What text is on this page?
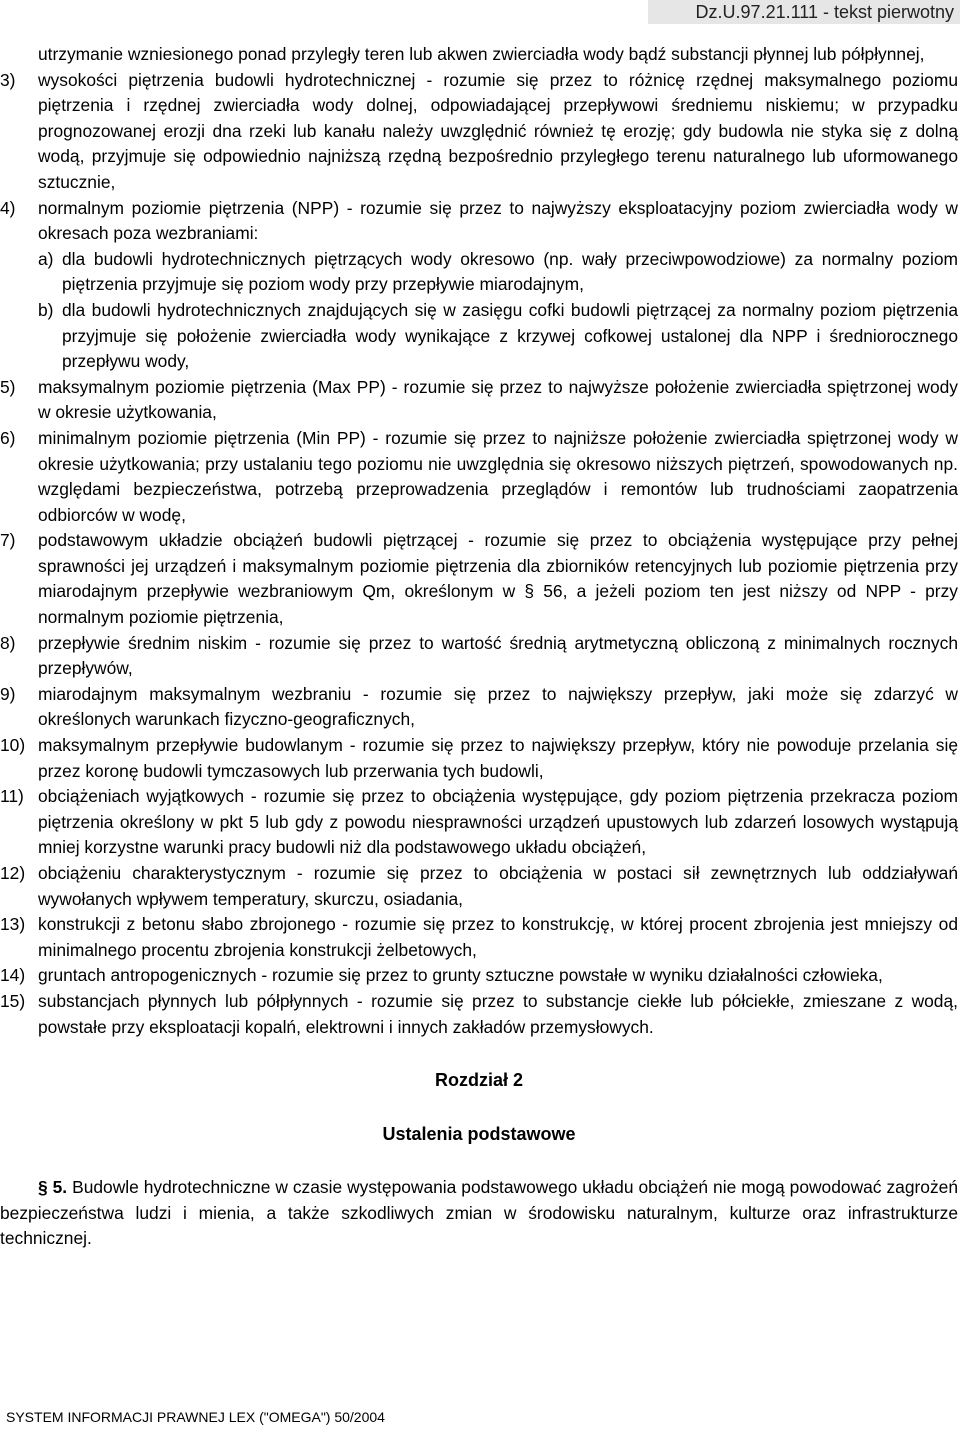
Dz.U.97.21.111 - tekst pierwotny

utrzymanie wzniesionego ponad przyległy teren lub akwen zwierciadła wody bądź substancji płynnej lub półpłynnej,

3)	wysokości piętrzenia budowli hydrotechnicznej - rozumie się przez to różnicę rzędnej maksymalnego poziomu piętrzenia i rzędnej zwierciadła wody dolnej, odpowiadającej przepływowi średniemu niskiemu; w przypadku prognozowanej erozji dna rzeki lub kanału należy uwzględnić również tę erozję; gdy budowla nie styka się z dolną wodą, przyjmuje się odpowiednio najniższą rzędną bezpośrednio przyległego terenu naturalnego lub uformowanego sztucznie,
4)	normalnym poziomie piętrzenia (NPP) - rozumie się przez to najwyższy eksploatacyjny poziom zwierciadła wody w okresach poza wezbraniami:
a) dla budowli hydrotechnicznych piętrzących wody okresowo (np. wały przeciwpowodziowe) za normalny poziom piętrzenia przyjmuje się poziom wody przy przepływie miarodajnym,
b) dla budowli hydrotechnicznych znajdujących się w zasięgu cofki budowli piętrzącej za normalny poziom piętrzenia przyjmuje się położenie zwierciadła wody wynikające z krzywej cofkowej ustalonej dla NPP i średniorocznego przepływu wody,
5)	maksymalnym poziomie piętrzenia (Max PP) - rozumie się przez to najwyższe położenie zwierciadła spiętrzonej wody w okresie użytkowania,
6)	minimalnym poziomie piętrzenia (Min PP) - rozumie się przez to najniższe położenie zwierciadła spiętrzonej wody w okresie użytkowania; przy ustalaniu tego poziomu nie uwzględnia się okresowo niższych piętrzeń, spowodowanych np. względami bezpieczeństwa, potrzebą przeprowadzenia przeglądów i remontów lub trudnościami zaopatrzenia odbiorców w wodę,
7)	podstawowym układzie obciążeń budowli piętrzącej - rozumie się przez to obciążenia występujące przy pełnej sprawności jej urządzeń i maksymalnym poziomie piętrzenia dla zbiorników retencyjnych lub poziomie piętrzenia przy miarodajnym przepływie wezbraniowym Qm, określonym w § 56, a jeżeli poziom ten jest niższy od NPP - przy normalnym poziomie piętrzenia,
8)	przepływie średnim niskim - rozumie się przez to wartość średnią arytmetyczną obliczoną z minimalnych rocznych przepływów,
9)	miarodajnym maksymalnym wezbraniu - rozumie się przez to największy przepływ, jaki może się zdarzyć w określonych warunkach fizyczno-geograficznych,
10) maksymalnym przepływie budowlanym - rozumie się przez to największy przepływ, który nie powoduje przelania się przez koronę budowli tymczasowych lub przerwania tych budowli,
11) obciążeniach wyjątkowych - rozumie się przez to obciążenia występujące, gdy poziom piętrzenia przekracza poziom piętrzenia określony w pkt 5 lub gdy z powodu niesprawności urządzeń upustowych lub zdarzeń losowych wystąpują mniej korzystne warunki pracy budowli niż dla podstawowego układu obciążeń,
12) obciążeniu charakterystycznym - rozumie się przez to obciążenia w postaci sił zewnętrznych lub oddziaływań wywołanych wpływem temperatury, skurczu, osiadania,
13) konstrukcji z betonu słabo zbrojonego - rozumie się przez to konstrukcję, w której procent zbrojenia jest mniejszy od minimalnego procentu zbrojenia konstrukcji żelbetowych,
14) gruntach antropogenicznych - rozumie się przez to grunty sztuczne powstałe w wyniku działalności człowieka,
15) substancjach płynnych lub półpłynnych - rozumie się przez to substancje ciekłe lub półciekłe, zmieszane z wodą, powstałe przy eksploatacji kopalń, elektrowni i innych zakładów przemysłowych.

Rozdział 2

Ustalenia podstawowe

§ 5. Budowle hydrotechniczne w czasie występowania podstawowego układu obciążeń nie mogą powodować zagrożeń bezpieczeństwa ludzi i mienia, a także szkodliwych zmian w środowisku naturalnym, kulturze oraz infrastrukturze technicznej.

SYSTEM INFORMACJI PRAWNEJ LEX ("OMEGA") 50/2004
